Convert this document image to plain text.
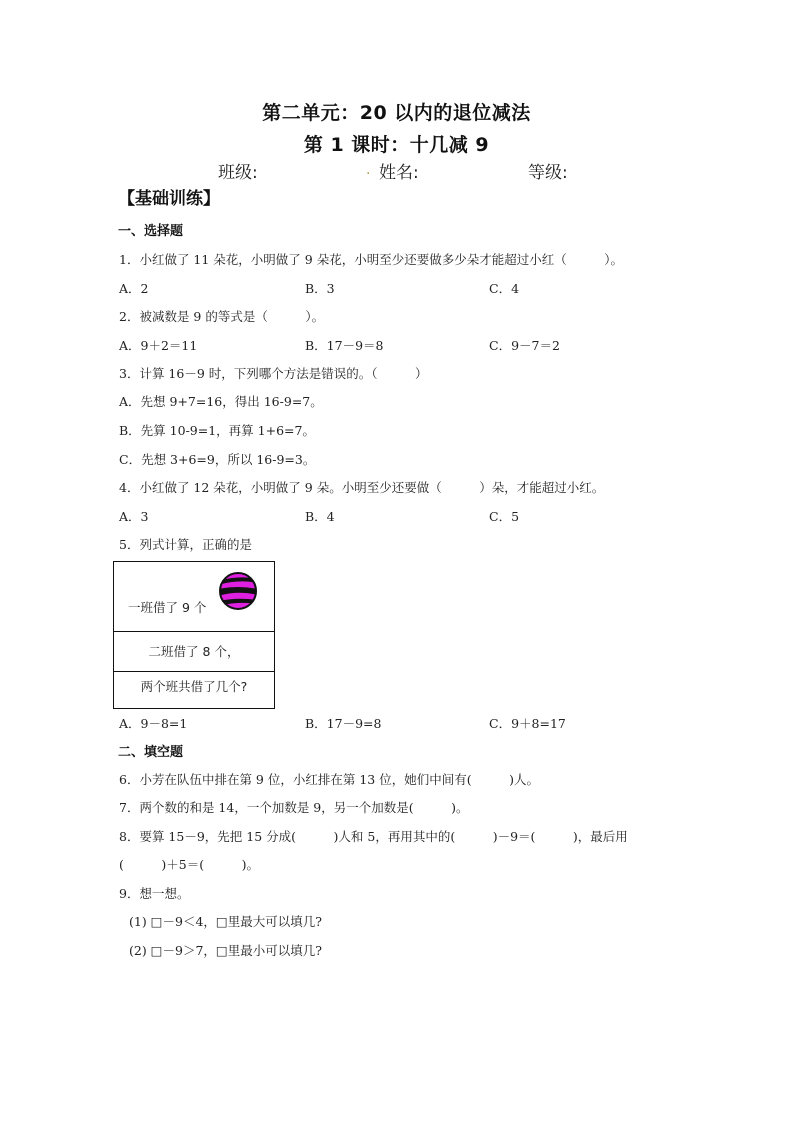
第二单元：20 以内的退位减法
第 1 课时：十几减 9
班级:	. 姓名:	等级:
【基础训练】
一、选择题
1．小红做了 11 朵花，小明做了 9 朵花，小明至少还要做多少朵才能超过小红（　　　）。
A．2	B．3	C．4
2．被减数是 9 的等式是（　　　）。
A．9＋2＝11	B．17－9＝8	C．9－7＝2
3．计算 16－9 时，下列哪个方法是错误的。（　　　）
A．先想 9+7=16，得出 16-9=7。
B．先算 10-9=1，再算 1+6=7。
C．先想 3+6=9，所以 16-9=3。
4．小红做了 12 朵花，小明做了 9 朵。小明至少还要做（　　　）朵，才能超过小红。
A．3	B．4	C．5
5．列式计算，正确的是
一班借了 9 个
二班借了 8 个，
两个班共借了几个?
A．9－8=1	B．17－9=8	C．9＋8=17
二、填空题
6．小芳在队伍中排在第 9 位，小红排在第 13 位，她们中间有(　　　)人。
7．两个数的和是 14，一个加数是 9，另一个加数是(　　　)。
8．要算 15－9，先把 15 分成(　　　)人和 5，再用其中的(　　　)－9＝(　　　)，最后用
(　　　)＋5＝(　　　)。
9．想一想。
(1) □－9＜4，□里最大可以填几?
(2) □－9＞7，□里最小可以填几?
